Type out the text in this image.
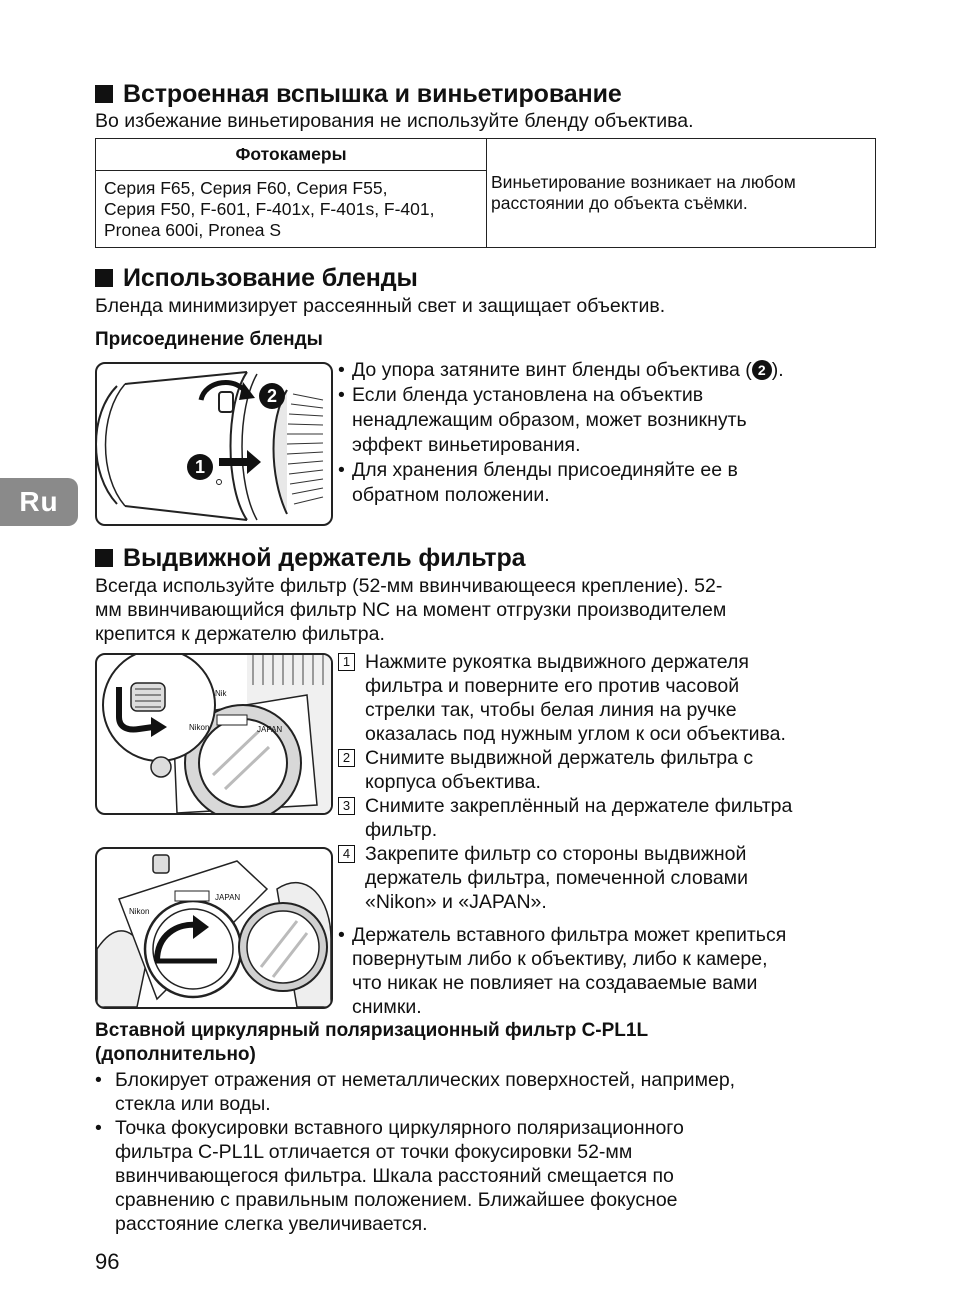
Ru
Встроенная вспышка и виньетирование
Во избежание виньетирования не используйте бленду объектива.
Фотокамеры	
Виньетирование возникает на любом
расстоянии до объекта съёмки.

Серия F65, Серия F60, Серия F55,
Серия F50, F-601, F-401x, F-401s, F-401,
Pronea 600i, Pronea S
Использование бленды
Бленда минимизирует рассеянный свет и защищает объектив.
Присоединение бленды
1
2
• До упора затяните винт бленды объектива ( 2 ).
• Если бленда установлена на объектив
ненадлежащим образом, может возникнуть
эффект виньетирования.
• Для хранения бленды присоединяйте ее в
обратном положении.
Выдвижной держатель фильтра
Всегда используйте фильтр (52-мм ввинчивающееся крепление). 52-
мм ввинчивающийся фильтр NC на момент отгрузки производителем
крепится к держателю фильтра.
Nik
Nikon	JAPAN
Nikon
JAPAN
1 Нажмите рукоятка выдвижного держателя
фильтра и поверните его против часовой
стрелки так, чтобы белая линия на ручке
оказалась под нужным углом к оси объектива.
2 Снимите выдвижной держатель фильтра с
корпуса объектива.
3 Снимите закреплённый на держателе фильтра
фильтр.
4 Закрепите фильтр со стороны выдвижной
держатель фильтра, помеченной словами
«Nikon» и «JAPAN».
• Держатель вставного фильтра может крепиться
повернутым либо к объективу, либо к камере,
что никак не повлияет на создаваемые вами
снимки.
Вставной циркулярный поляризационный фильтр C-PL1L
(дополнительно)
• Блокирует отражения от неметаллических поверхностей, например,
стекла или воды.
• Точка фокусировки вставного циркулярного поляризационного
фильтра C-PL1L отличается от точки фокусировки 52-мм
ввинчивающегося фильтра. Шкала расстояний смещается по
сравнению с правильным положением. Ближайшее фокусное
расстояние слегка увеличивается.
96
